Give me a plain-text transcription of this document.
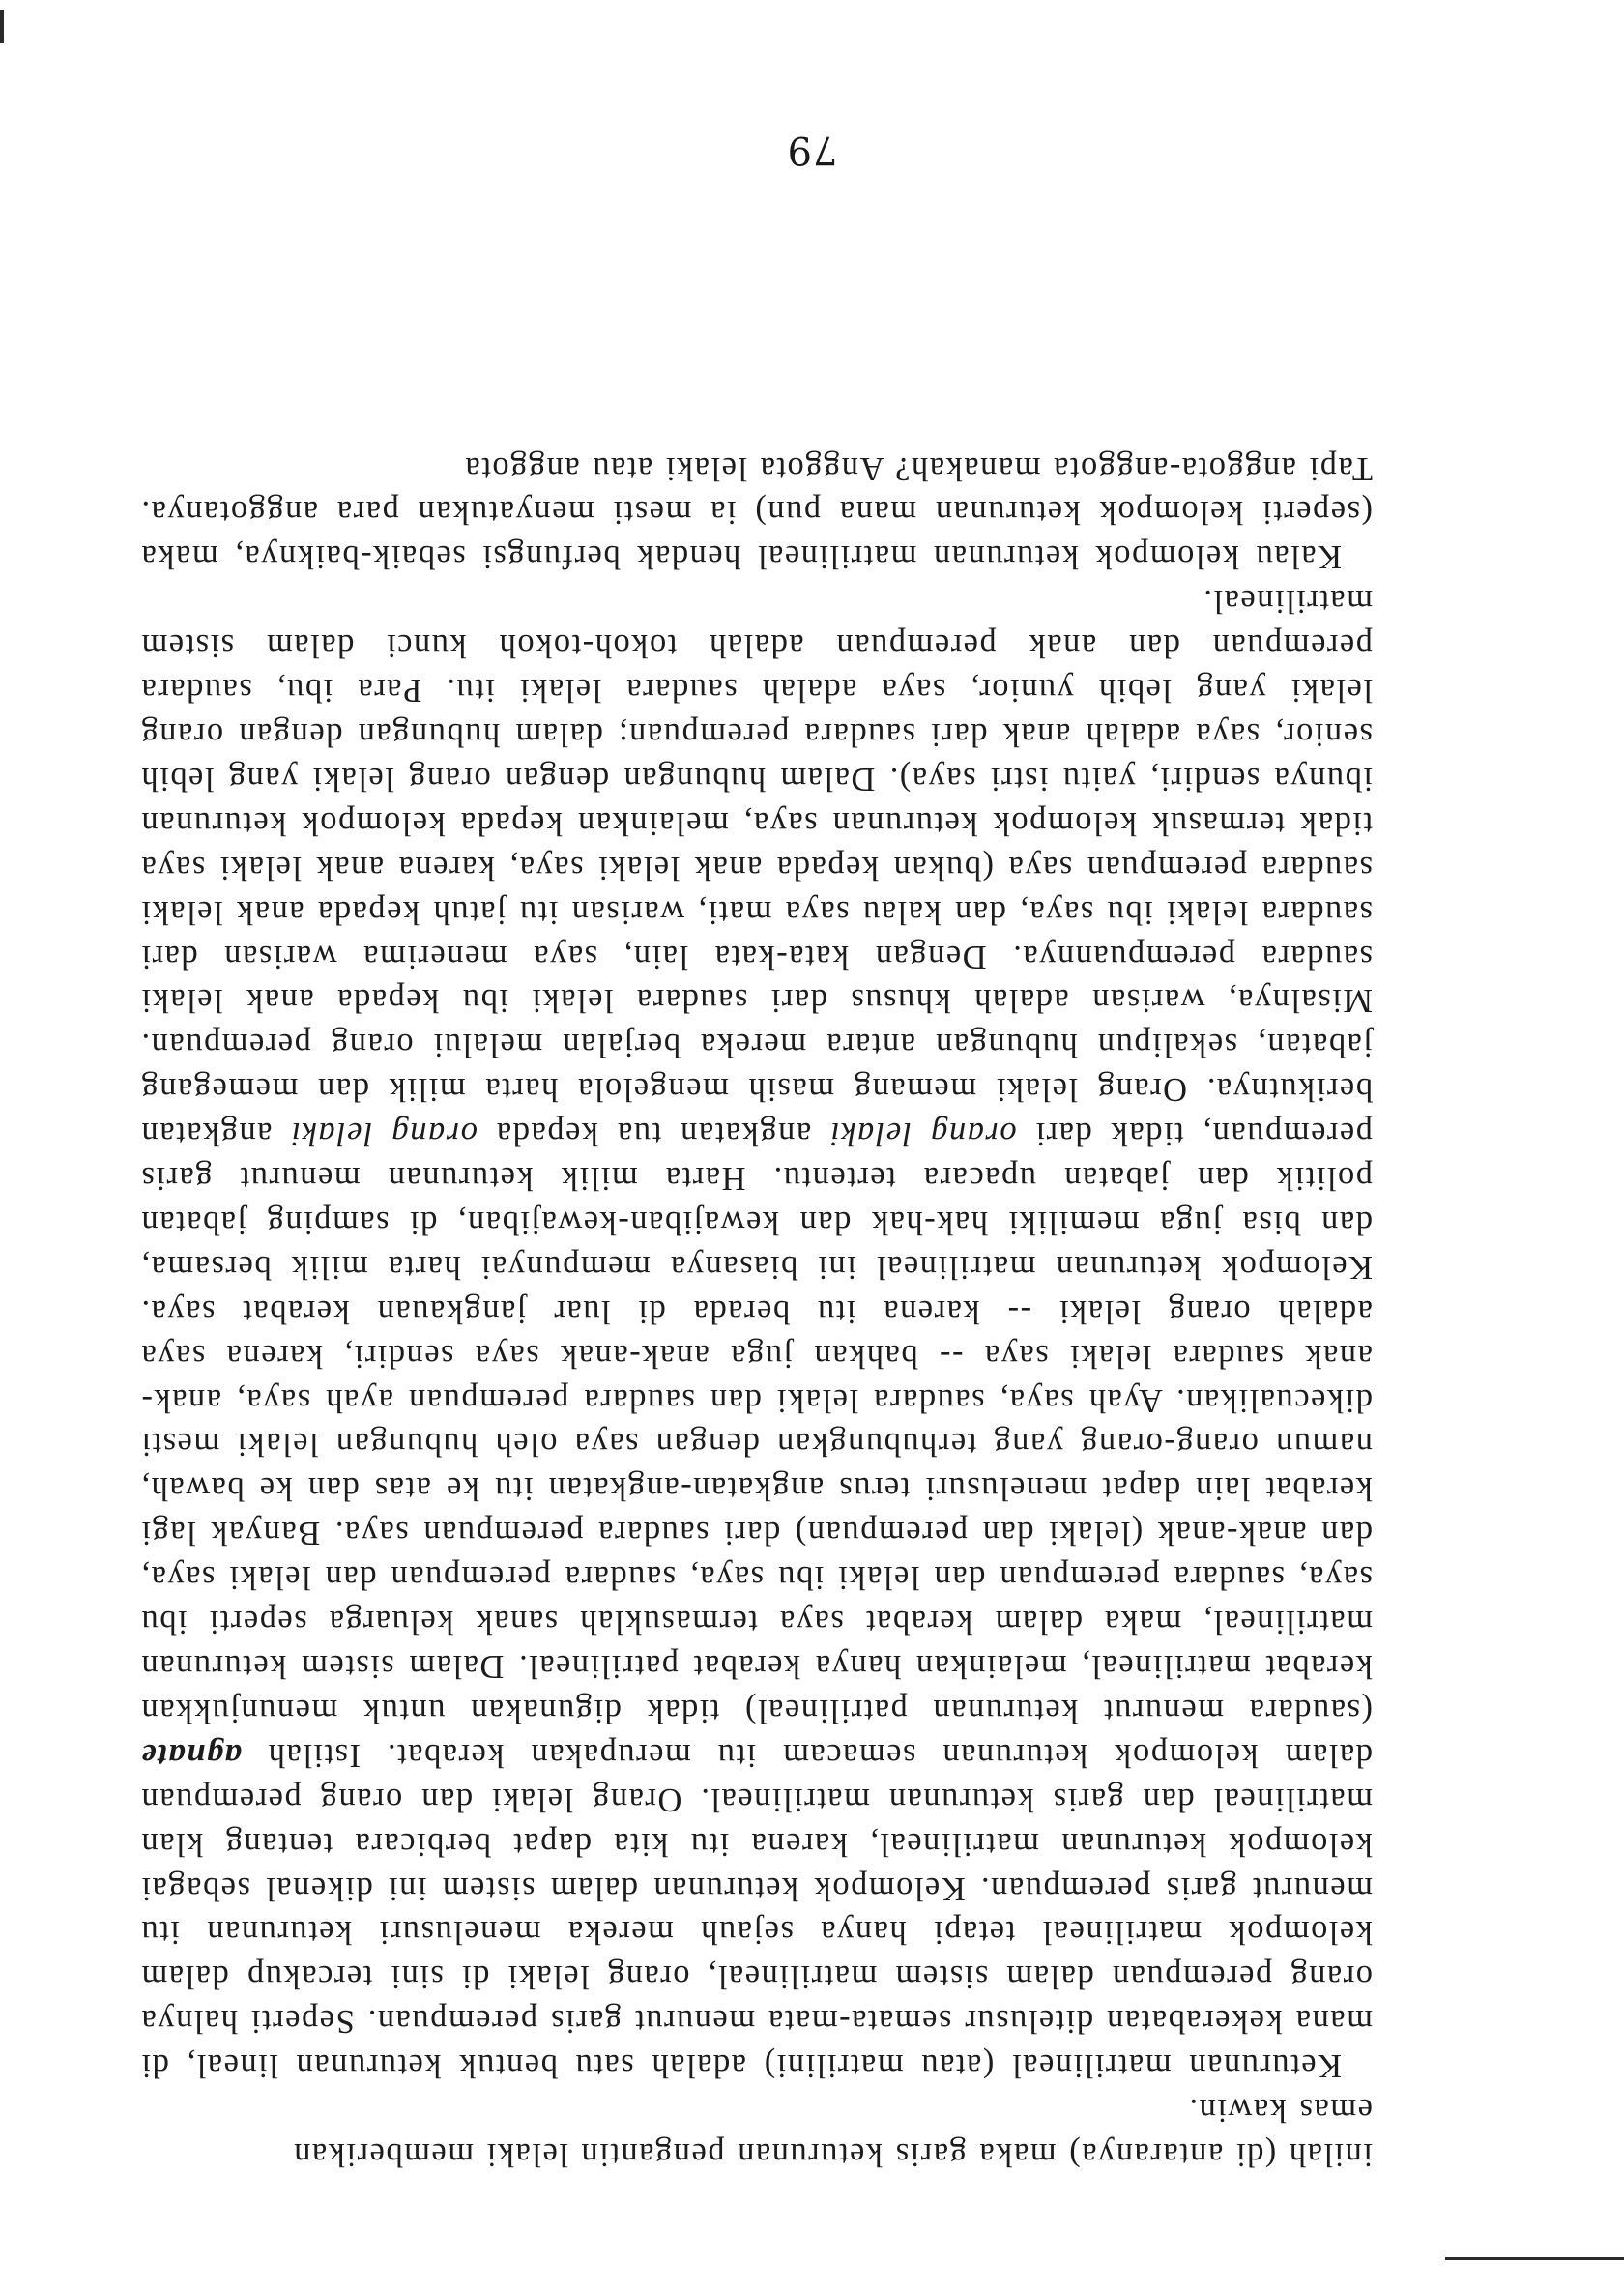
inilah (di antaranya) maka garis keturunan pengantin lelaki memberikan
emas kawin.

Keturunan matrilineal (atau matrilini) adalah satu bentuk keturunan lineal, di mana kekerabatan ditelusur semata-mata menurut garis perempuan. Seperti halnya orang perempuan dalam sistem matrilineal, orang lelaki di sini tercakup dalam kelompok matrilineal tetapi hanya sejauh mereka menelusuri keturunan itu menurut garis perempuan. Kelompok keturunan dalam sistem ini dikenal sebagai kelompok keturunan matrilineal, karena itu kita dapat berbicara tentang klan matrilineal dan garis keturunan matrilineal. Orang lelaki dan orang perempuan dalam kelompok keturunan semacam itu merupakan kerabat. Istilah agnate (saudara menurut keturunan patrilineal) tidak digunakan untuk menunjukkan kerabat matrilineal, melainkan hanya kerabat patrilineal. Dalam sistem keturunan matrilineal, maka dalam kerabat saya termasuklah sanak keluarga seperti ibu saya, saudara perempuan dan lelaki ibu saya, saudara perempuan dan lelaki saya, dan anak-anak (lelaki dan perempuan) dari saudara perempuan saya. Banyak lagi kerabat lain dapat menelusuri terus angkatan-angkatan itu ke atas dan ke bawah, namun orang-orang yang terhubungkan dengan saya oleh hubungan lelaki mesti dikecualikan. Ayah saya, saudara lelaki dan saudara perempuan ayah saya, anak-anak saudara lelaki saya -- bahkan juga anak-anak saya sendiri, karena saya adalah orang lelaki -- karena itu berada di luar jangkauan kerabat saya. Kelompok keturunan matrilineal ini biasanya mempunyai harta milik bersama, dan bisa juga memiliki hak-hak dan kewajiban-kewajiban, di samping jabatan politik dan jabatan upacara tertentu. Harta milik keturunan menurut garis perempuan, tidak dari orang lelaki angkatan tua kepada orang lelaki angkatan berikutnya. Orang lelaki memang masih mengelola harta milik dan memegang jabatan, sekalipun hubungan antara mereka berjalan melalui orang perempuan. Misalnya, warisan adalah khusus dari saudara lelaki ibu kepada anak lelaki saudara perempuannya. Dengan kata-kata lain, saya menerima warisan dari saudara lelaki ibu saya, dan kalau saya mati, warisan itu jatuh kepada anak lelaki saudara perempuan saya (bukan kepada anak lelaki saya, karena anak lelaki saya tidak termasuk kelompok keturunan saya, melainkan kepada kelompok keturunan ibunya sendiri, yaitu istri saya). Dalam hubungan dengan orang lelaki yang lebih senior, saya adalah anak dari saudara perempuan; dalam hubungan dengan orang lelaki yang lebih yunior, saya adalah saudara lelaki itu. Para ibu, saudara perempuan dan anak perempuan adalah tokoh-tokoh kunci dalam sistem matrilineal.

Kalau kelompok keturunan matrilineal hendak berfungsi sebaik-baiknya, maka (seperti kelompok keturunan mana pun) ia mesti menyatukan para anggotanya. Tapi anggota-anggota manakah? Anggota lelaki atau anggota

79
